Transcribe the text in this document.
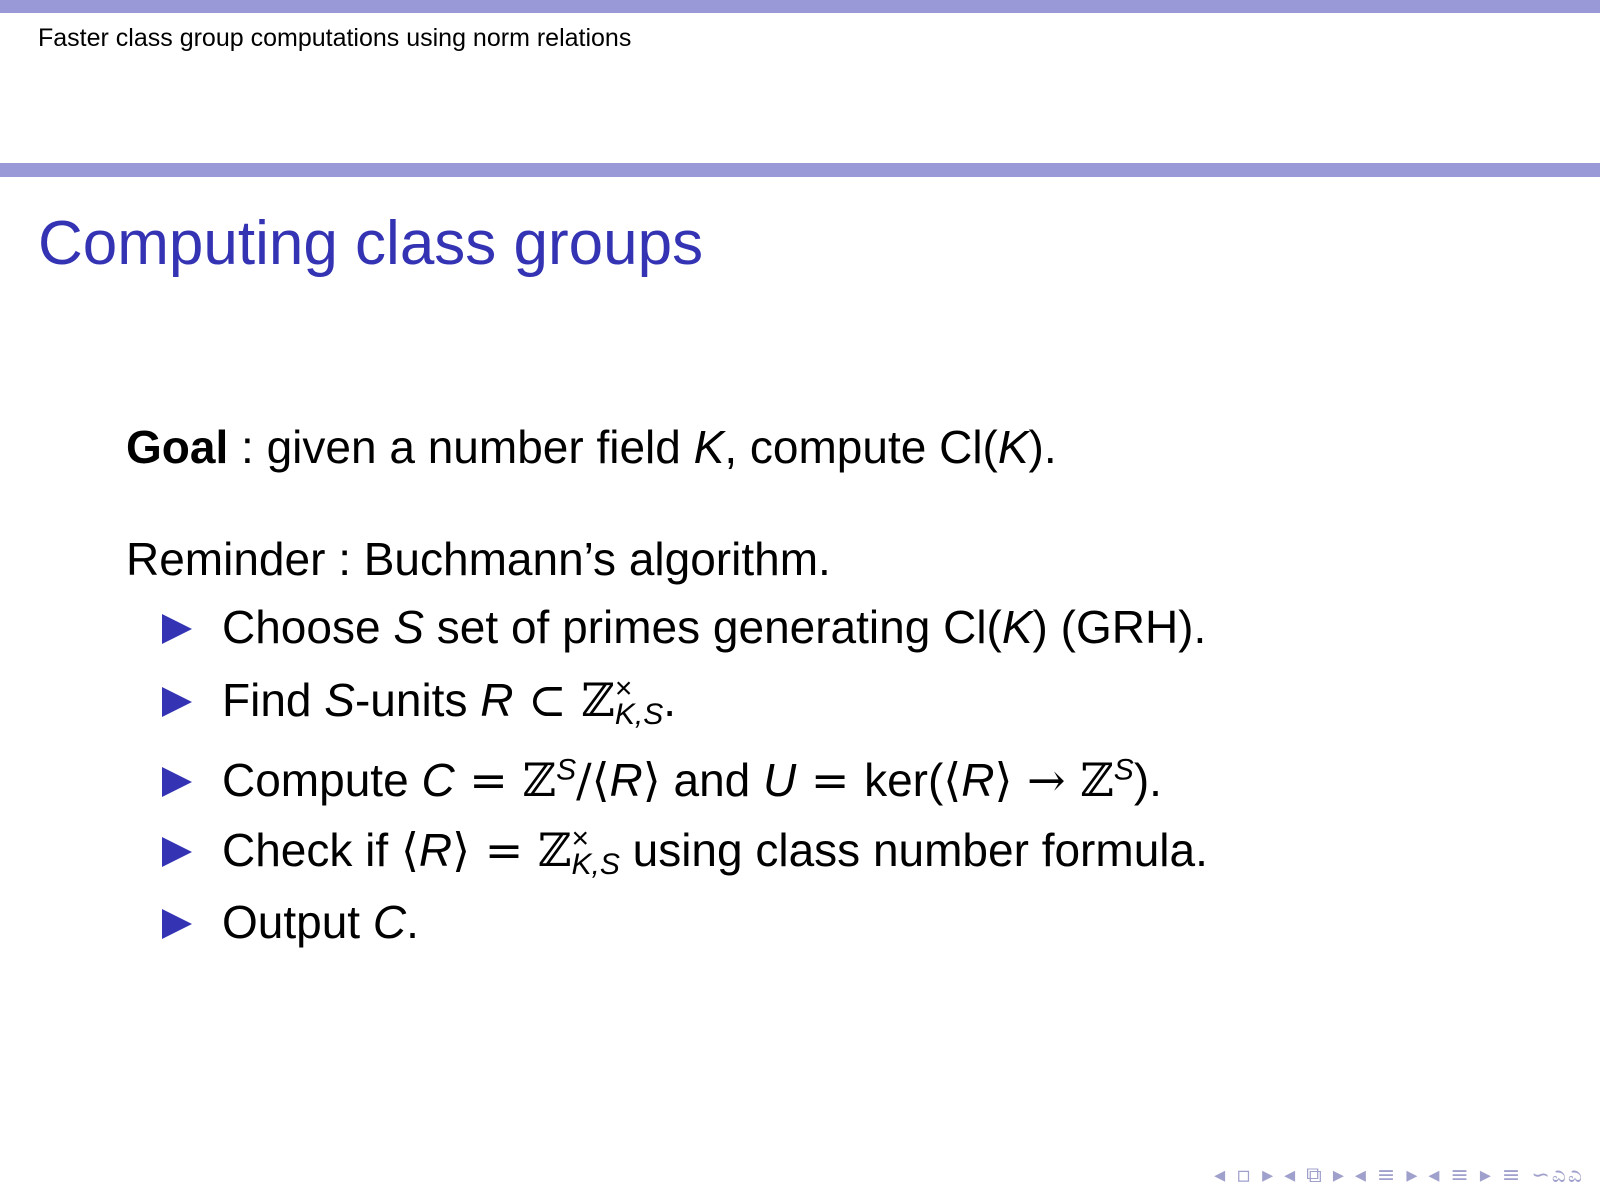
Faster class group computations using norm relations
Computing class groups
Goal : given a number field K, compute Cl(K).
Reminder : Buchmann’s algorithm.
Choose S set of primes generating Cl(K) (GRH).
Find S-units R ⊂ ℤ ×
K,S .
Compute C = ℤ$^S$/⟨R⟩ and U = ker(⟨R⟩ → ℤ$^S$).
Check if ⟨R⟩ = ℤ ×
K,S using class number formula.
Output C.
◂ ▫ ▸ ◂ ⧉ ▸ ◂ ≡ ▸ ◂ ≡ ▸ ≡ ∽ಎಎ
